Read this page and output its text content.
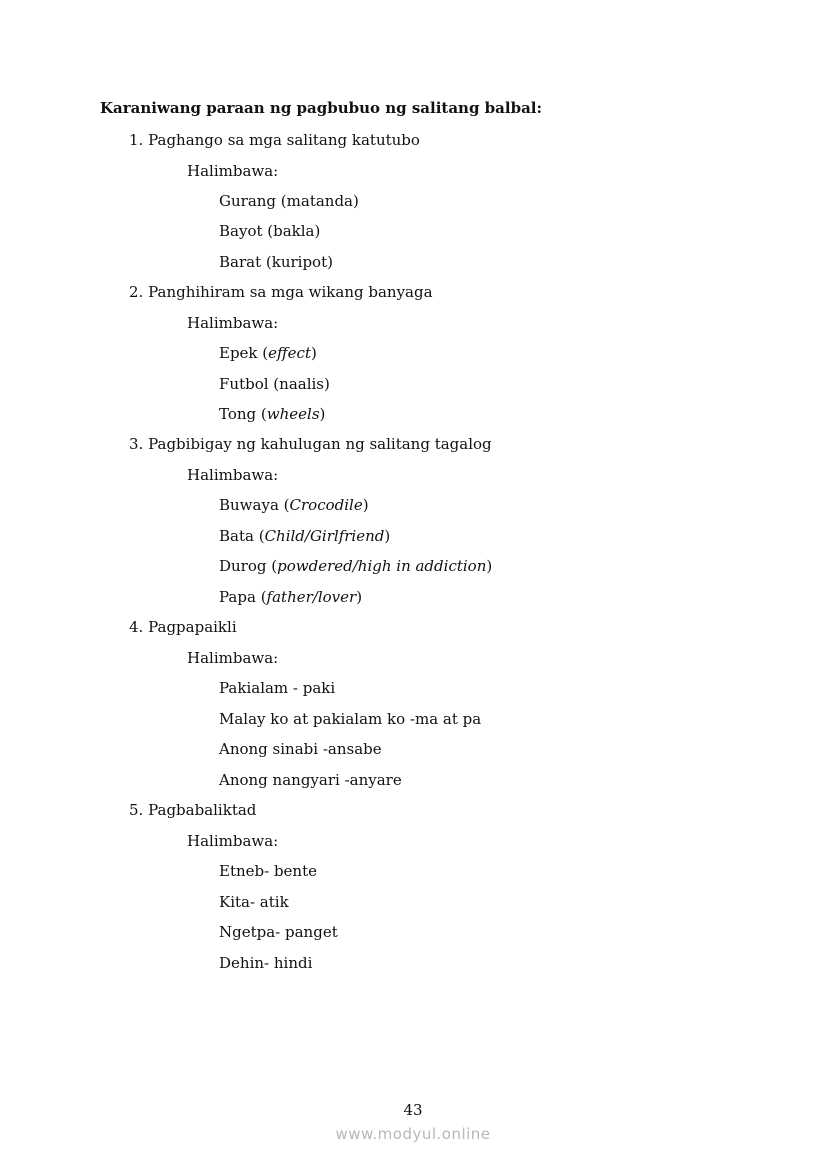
Karaniwang paraan ng pagbubuo ng salitang balbal:
1. Paghango sa mga salitang katutubo
Halimbawa:
Gurang (matanda)
Bayot (bakla)
Barat (kuripot)
2. Panghihiram sa mga wikang banyaga
Halimbawa:
Epek (effect)
Futbol (naalis)
Tong (wheels)
3. Pagbibigay ng kahulugan ng salitang tagalog
Halimbawa:
Buwaya (Crocodile)
Bata (Child/Girlfriend)
Durog (powdered/high in addiction)
Papa (father/lover)
4. Pagpapaikli
Halimbawa:
Pakialam - paki
Malay ko at pakialam ko -ma at pa
Anong sinabi -ansabe
Anong nangyari -anyare
5. Pagbabaliktad
Halimbawa:
Etneb- bente
Kita- atik
Ngetpa- panget
Dehin- hindi
43
www.modyul.online
